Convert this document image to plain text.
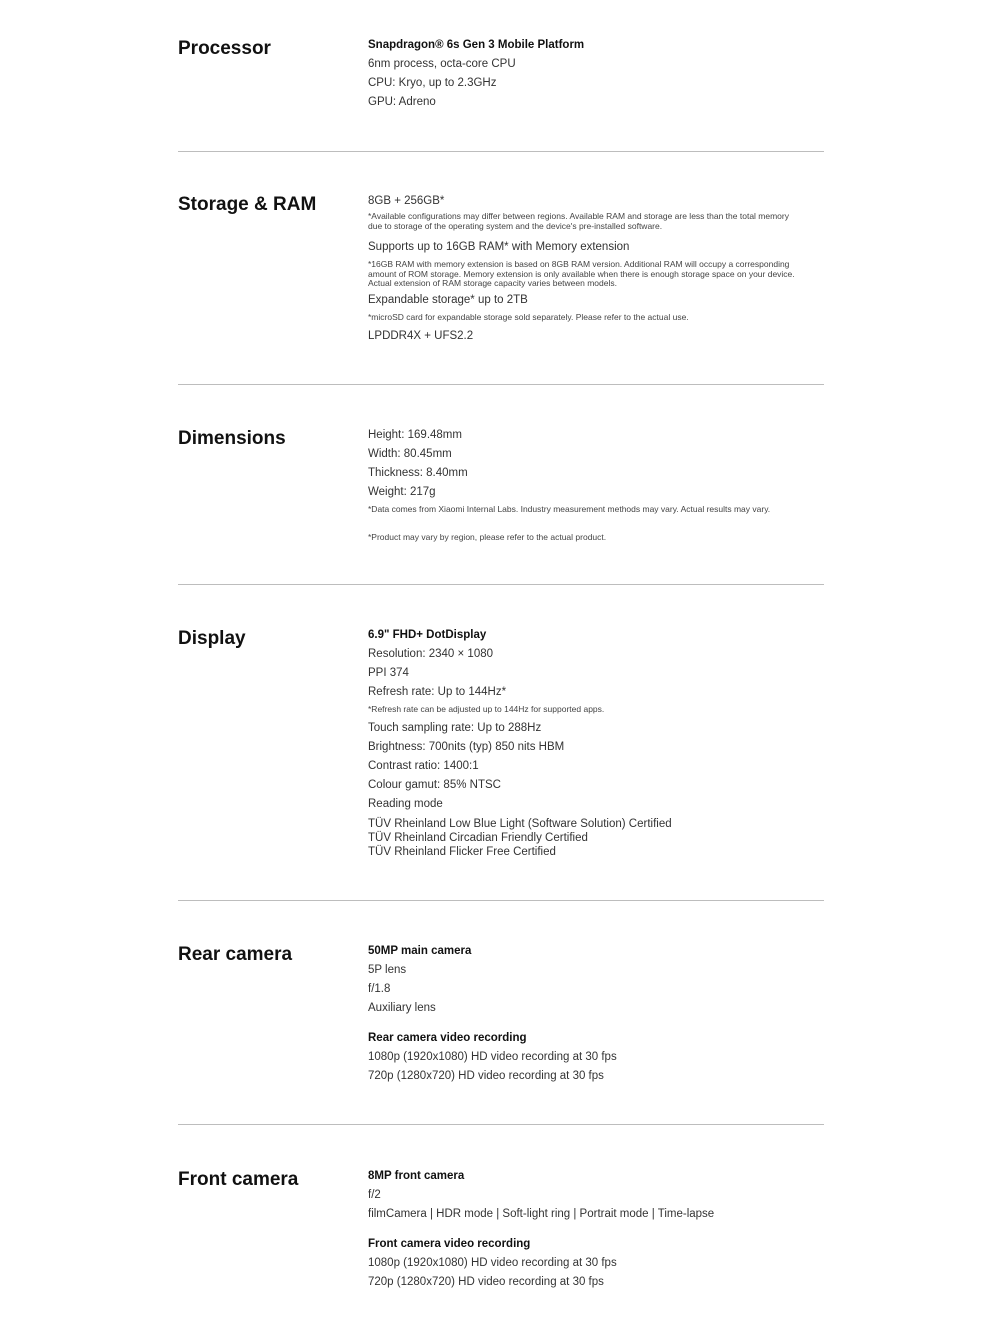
Processor	Snapdragon® 6s Gen 3 Mobile Platform
6nm process, octa-core CPU
CPU: Kryo, up to 2.3GHz
GPU: Adreno
Storage & RAM	8GB + 256GB*
*Available configurations may differ between regions. Available RAM and storage are less than the total memory due to storage of the operating system and the device's pre-installed software.
Supports up to 16GB RAM* with Memory extension
*16GB RAM with memory extension is based on 8GB RAM version. Additional RAM will occupy a corresponding amount of ROM storage. Memory extension is only available when there is enough storage space on your device. Actual extension of RAM storage capacity varies between models.
Expandable storage* up to 2TB
*microSD card for expandable storage sold separately. Please refer to the actual use.
LPDDR4X + UFS2.2
Dimensions	Height: 169.48mm
Width: 80.45mm
Thickness: 8.40mm
Weight: 217g
*Data comes from Xiaomi Internal Labs. Industry measurement methods may vary. Actual results may vary.
*Product may vary by region, please refer to the actual product.
Display	6.9" FHD+ DotDisplay
Resolution: 2340 × 1080
PPI 374
Refresh rate: Up to 144Hz*
*Refresh rate can be adjusted up to 144Hz for supported apps.
Touch sampling rate: Up to 288Hz
Brightness: 700nits (typ) 850 nits HBM
Contrast ratio: 1400:1
Colour gamut: 85% NTSC
Reading mode
TÜV Rheinland Low Blue Light (Software Solution) Certified
TÜV Rheinland Circadian Friendly Certified
TÜV Rheinland Flicker Free Certified
Rear camera	50MP main camera
5P lens
f/1.8
Auxiliary lens
Rear camera video recording
1080p (1920x1080) HD video recording at 30 fps
720p (1280x720) HD video recording at 30 fps
Front camera	8MP front camera
f/2
filmCamera | HDR mode | Soft-light ring | Portrait mode | Time-lapse
Front camera video recording
1080p (1920x1080) HD video recording at 30 fps
720p (1280x720) HD video recording at 30 fps
